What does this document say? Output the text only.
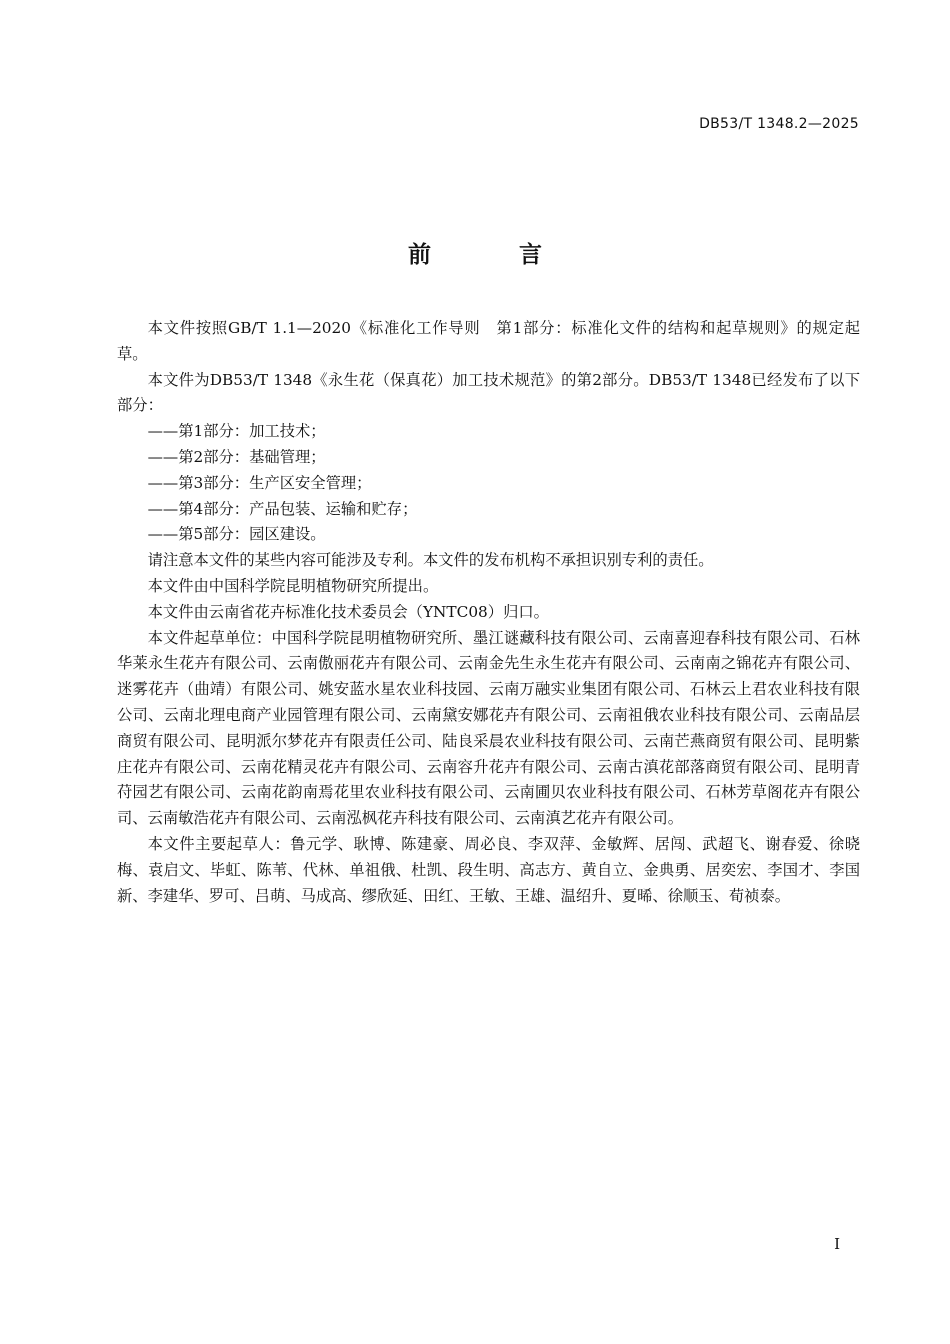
DB53/T 1348.2—2025
前 言

本文件按照GB/T 1.1—2020《标准化工作导则　第1部分：标准化文件的结构和起草规则》的规定起草。

本文件为DB53/T 1348《永生花（保真花）加工技术规范》的第2部分。DB53/T 1348已经发布了以下部分：

——第1部分：加工技术；

——第2部分：基础管理；

——第3部分：生产区安全管理；

——第4部分：产品包装、运输和贮存；

——第5部分：园区建设。

请注意本文件的某些内容可能涉及专利。本文件的发布机构不承担识别专利的责任。

本文件由中国科学院昆明植物研究所提出。

本文件由云南省花卉标准化技术委员会（YNTC08）归口。

本文件起草单位：中国科学院昆明植物研究所、墨江谜藏科技有限公司、云南喜迎春科技有限公司、石林华莱永生花卉有限公司、云南傲丽花卉有限公司、云南金先生永生花卉有限公司、云南南之锦花卉有限公司、迷雾花卉（曲靖）有限公司、姚安蓝水星农业科技园、云南万融实业集团有限公司、石林云上君农业科技有限公司、云南北理电商产业园管理有限公司、云南黛安娜花卉有限公司、云南祖俄农业科技有限公司、云南品层商贸有限公司、昆明派尔梦花卉有限责任公司、陆良采晨农业科技有限公司、云南芒燕商贸有限公司、昆明紫庄花卉有限公司、云南花精灵花卉有限公司、云南容升花卉有限公司、云南古滇花部落商贸有限公司、昆明青苻园艺有限公司、云南花韵南焉花里农业科技有限公司、云南圃贝农业科技有限公司、石林芳草阁花卉有限公司、云南敏浩花卉有限公司、云南泓枫花卉科技有限公司、云南滇艺花卉有限公司。

本文件主要起草人：鲁元学、耿博、陈建豪、周必良、李双萍、金敏辉、居闯、武超飞、谢春爱、徐晓梅、袁启文、毕虹、陈苇、代林、单祖俄、杜凯、段生明、高志方、黄自立、金典勇、居奕宏、李国才、李国新、李建华、罗可、吕萌、马成高、缪欣延、田红、王敏、王雄、温绍升、夏晞、徐顺玉、荀祯泰。

I
